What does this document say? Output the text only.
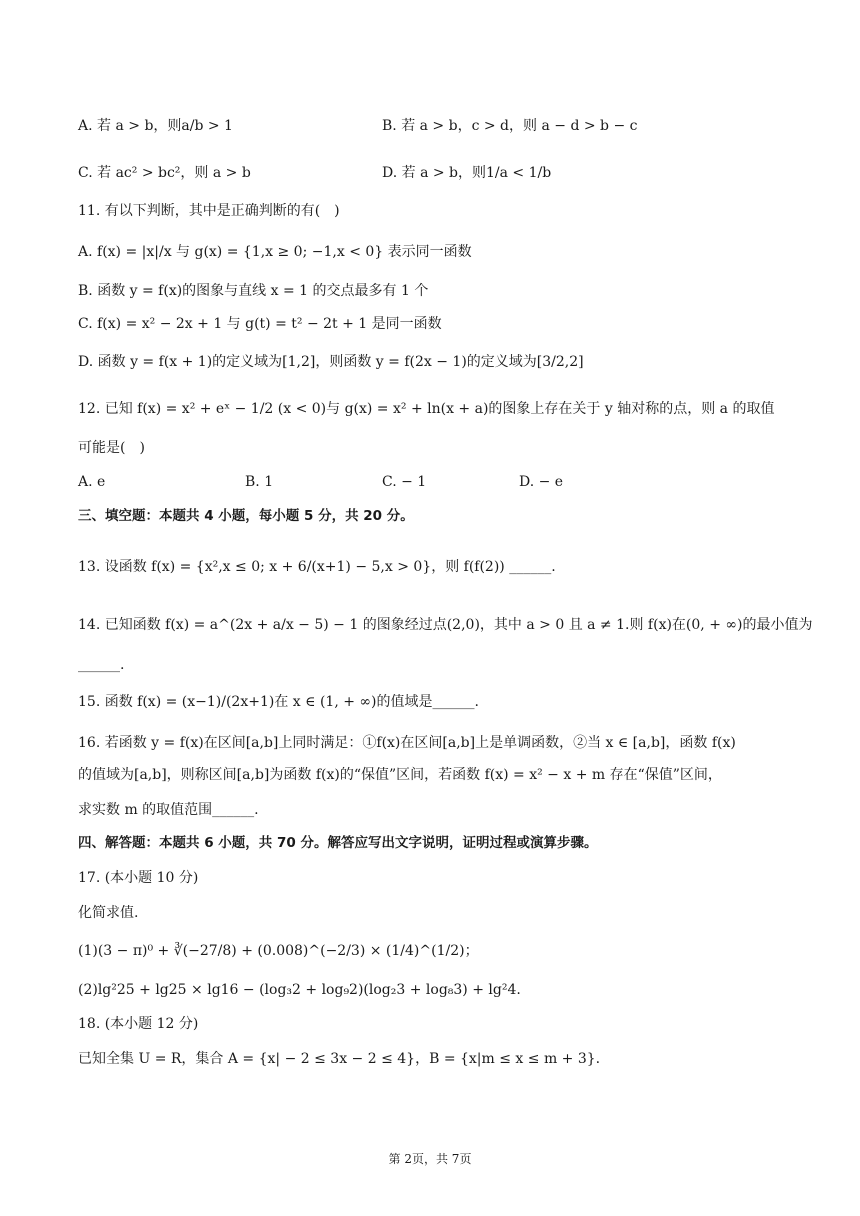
A. 若 a > b，则a/b > 1	B. 若 a > b，c > d，则 a − d > b − c
C. 若 ac² > bc²，则 a > b	D. 若 a > b，则1/a < 1/b
11. 有以下判断，其中是正确判断的有(　)
A. f(x) = |x|/x 与 g(x) = {1,x ≥ 0; −1,x < 0} 表示同一函数
B. 函数 y = f(x)的图象与直线 x = 1 的交点最多有 1 个
C. f(x) = x² − 2x + 1 与 g(t) = t² − 2t + 1 是同一函数
D. 函数 y = f(x + 1)的定义域为[1,2]，则函数 y = f(2x − 1)的定义域为[3/2,2]
12. 已知 f(x) = x² + eˣ − 1/2 (x < 0)与 g(x) = x² + ln(x + a)的图象上存在关于 y 轴对称的点，则 a 的取值
可能是(　)
A. e	B. 1	C. − 1	D. − e
三、填空题：本题共 4 小题，每小题 5 分，共 20 分。
13. 设函数 f(x) = {x²,x ≤ 0; x + 6/(x+1) − 5,x > 0}，则 f(f(2)) ______.
14. 已知函数 f(x) = a^(2x + a/x − 5) − 1 的图象经过点(2,0)，其中 a > 0 且 a ≠ 1.则 f(x)在(0, + ∞)的最小值为
______.
15. 函数 f(x) = (x−1)/(2x+1)在 x ∈ (1, + ∞)的值域是______.
16. 若函数 y = f(x)在区间[a,b]上同时满足：①f(x)在区间[a,b]上是单调函数，②当 x ∈ [a,b]，函数 f(x)
的值域为[a,b]，则称区间[a,b]为函数 f(x)的“保值”区间，若函数 f(x) = x² − x + m 存在“保值”区间，
求实数 m 的取值范围______.
四、解答题：本题共 6 小题，共 70 分。解答应写出文字说明，证明过程或演算步骤。
17. (本小题 10 分)
化简求值.
(1)(3 − π)⁰ + ∛(−27/8) + (0.008)^(−2/3) × (1/4)^(1/2)；
(2)lg²25 + lg25 × lg16 − (log₃2 + log₉2)(log₂3 + log₈3) + lg²4.
18. (本小题 12 分)
已知全集 U = R，集合 A = {x| − 2 ≤ 3x − 2 ≤ 4}，B = {x|m ≤ x ≤ m + 3}.
第 2页，共 7页
